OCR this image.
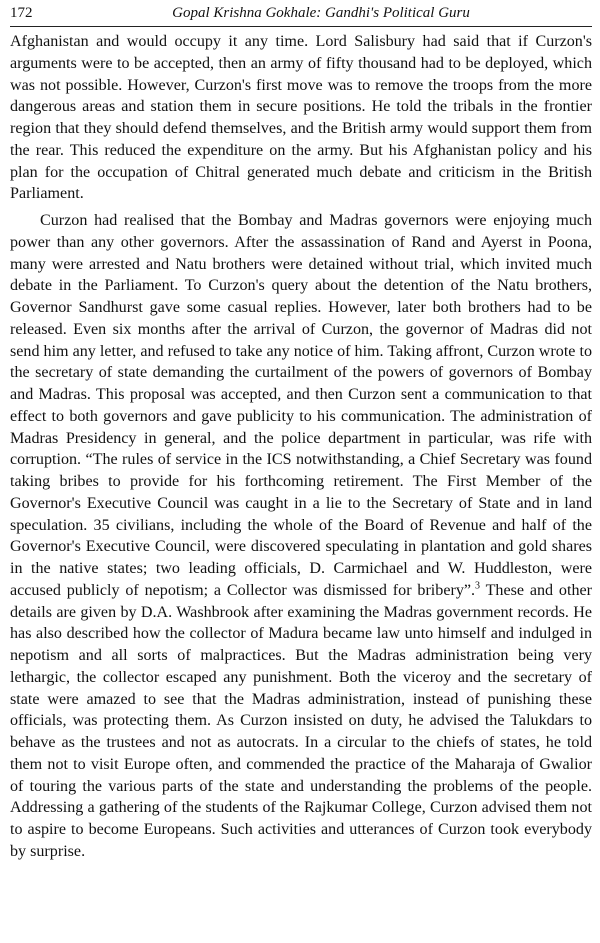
172	Gopal Krishna Gokhale: Gandhi's Political Guru

Afghanistan and would occupy it any time. Lord Salisbury had said that if Curzon's arguments were to be accepted, then an army of fifty thousand had to be deployed, which was not possible. However, Curzon's first move was to remove the troops from the more dangerous areas and station them in secure positions. He told the tribals in the frontier region that they should defend themselves, and the British army would support them from the rear. This reduced the expenditure on the army. But his Afghanistan policy and his plan for the occupation of Chitral generated much debate and criticism in the British Parliament.

Curzon had realised that the Bombay and Madras governors were enjoying much power than any other governors. After the assassination of Rand and Ayerst in Poona, many were arrested and Natu brothers were detained without trial, which invited much debate in the Parliament. To Curzon's query about the detention of the Natu brothers, Governor Sandhurst gave some casual replies. However, later both brothers had to be released. Even six months after the arrival of Curzon, the governor of Madras did not send him any letter, and refused to take any notice of him. Taking affront, Curzon wrote to the secretary of state demanding the curtailment of the powers of governors of Bombay and Madras. This proposal was accepted, and then Curzon sent a communication to that effect to both governors and gave publicity to his communication. The administration of Madras Presidency in general, and the police department in particular, was rife with corruption. “The rules of service in the ICS notwithstanding, a Chief Secretary was found taking bribes to provide for his forthcoming retirement. The First Member of the Governor's Executive Council was caught in a lie to the Secretary of State and in land speculation. 35 civilians, including the whole of the Board of Revenue and half of the Governor's Executive Council, were discovered speculating in plantation and gold shares in the native states; two leading officials, D. Carmichael and W. Huddleston, were accused publicly of nepotism; a Collector was dismissed for bribery”.$^3$ These and other details are given by D.A. Washbrook after examining the Madras government records. He has also described how the collector of Madura became law unto himself and indulged in nepotism and all sorts of malpractices. But the Madras administration being very lethargic, the collector escaped any punishment. Both the viceroy and the secretary of state were amazed to see that the Madras administration, instead of punishing these officials, was protecting them. As Curzon insisted on duty, he advised the Talukdars to behave as the trustees and not as autocrats. In a circular to the chiefs of states, he told them not to visit Europe often, and commended the practice of the Maharaja of Gwalior of touring the various parts of the state and understanding the problems of the people. Addressing a gathering of the students of the Rajkumar College, Curzon advised them not to aspire to become Europeans. Such activities and utterances of Curzon took everybody by surprise.
